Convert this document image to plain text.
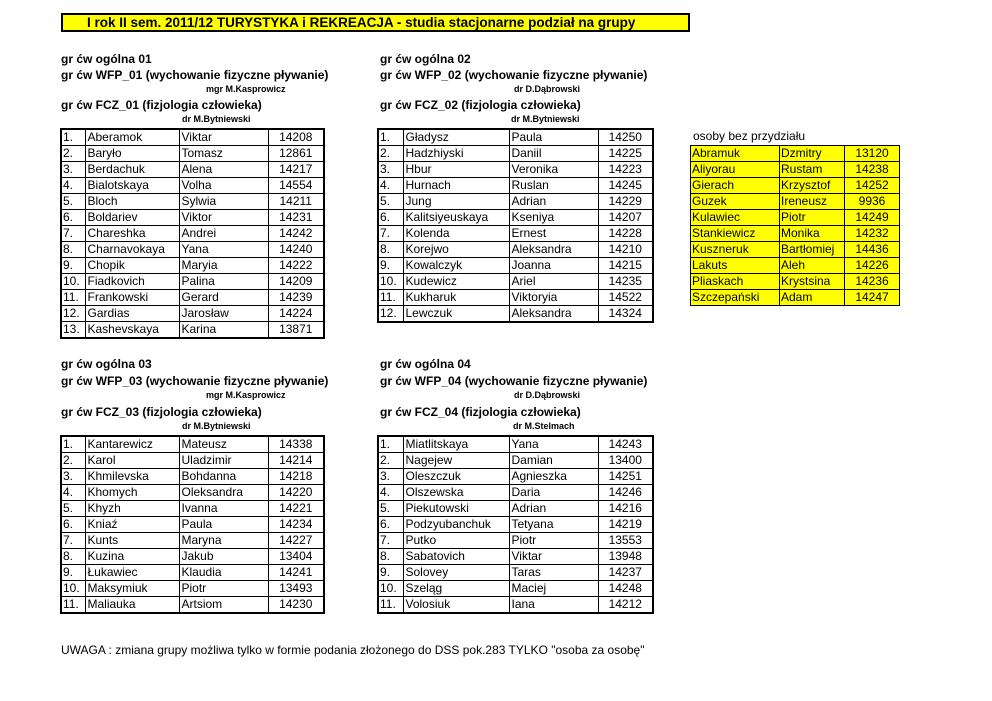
I rok II sem. 2011/12 TURYSTYKA i REKREACJA - studia stacjonarne podział na grupy
gr ćw ogólna 01
gr ćw WFP_01 (wychowanie fizyczne pływanie)
mgr M.Kasprowicz
gr ćw FCZ_01 (fizjologia człowieka)
dr M.Bytniewski
1.	Aberamok	Viktar	14208
2.	Baryło	Tomasz	12861
3.	Berdachuk	Alena	14217
4.	Bialotskaya	Volha	14554
5.	Bloch	Sylwia	14211
6.	Boldariev	Viktor	14231
7.	Chareshka	Andrei	14242
8.	Charnavokaya	Yana	14240
9.	Chopik	Maryia	14222
10.	Fiadkovich	Palina	14209
11.	Frankowski	Gerard	14239
12.	Gardias	Jarosław	14224
13.	Kashevskaya	Karina	13871
gr ćw ogólna 02
gr ćw WFP_02 (wychowanie fizyczne pływanie)
dr D.Dąbrowski
gr ćw FCZ_02 (fizjologia człowieka)
dr M.Bytniewski
1.	Gładysz	Paula	14250
2.	Hadzhiyski	Daniil	14225
3.	Hbur	Veronika	14223
4.	Hurnach	Ruslan	14245
5.	Jung	Adrian	14229
6.	Kalitsiyeuskaya	Kseniya	14207
7.	Kolenda	Ernest	14228
8.	Korejwo	Aleksandra	14210
9.	Kowalczyk	Joanna	14215
10.	Kudewicz	Ariel	14235
11.	Kukharuk	Viktoryia	14522
12.	Lewczuk	Aleksandra	14324
osoby bez przydziału
Abramuk	Dzmitry	13120
Aliyorau	Rustam	14238
Gierach	Krzysztof	14252
Guzek	Ireneusz	9936
Kulawiec	Piotr	14249
Stankiewicz	Monika	14232
Kuszneruk	Bartłomiej	14436
Lakuts	Aleh	14226
Pliaskach	Krystsina	14236
Szczepański	Adam	14247
gr ćw ogólna 03
gr ćw WFP_03 (wychowanie fizyczne pływanie)
mgr M.Kasprowicz
gr ćw FCZ_03 (fizjologia człowieka)
dr M.Bytniewski
1.	Kantarewicz	Mateusz	14338
2.	Karol	Uladzimir	14214
3.	Khmilevska	Bohdanna	14218
4.	Khomych	Oleksandra	14220
5.	Khyzh	Ivanna	14221
6.	Kniaź	Paula	14234
7.	Kunts	Maryna	14227
8.	Kuzina	Jakub	13404
9.	Łukawiec	Klaudia	14241
10.	Maksymiuk	Piotr	13493
11.	Maliauka	Artsiom	14230
gr ćw ogólna 04
gr ćw WFP_04 (wychowanie fizyczne pływanie)
dr D.Dąbrowski
gr ćw FCZ_04 (fizjologia człowieka)
dr M.Stelmach
1.	Miatlitskaya	Yana	14243
2.	Nagejew	Damian	13400
3.	Oleszczuk	Agnieszka	14251
4.	Olszewska	Daria	14246
5.	Piekutowski	Adrian	14216
6.	Podzyubanchuk	Tetyana	14219
7.	Putko	Piotr	13553
8.	Sabatovich	Viktar	13948
9.	Solovey	Taras	14237
10.	Szeląg	Maciej	14248
11.	Volosiuk	Iana	14212
UWAGA : zmiana grupy możliwa tylko w formie podania złożonego do DSS pok.283 TYLKO "osoba za osobę"
